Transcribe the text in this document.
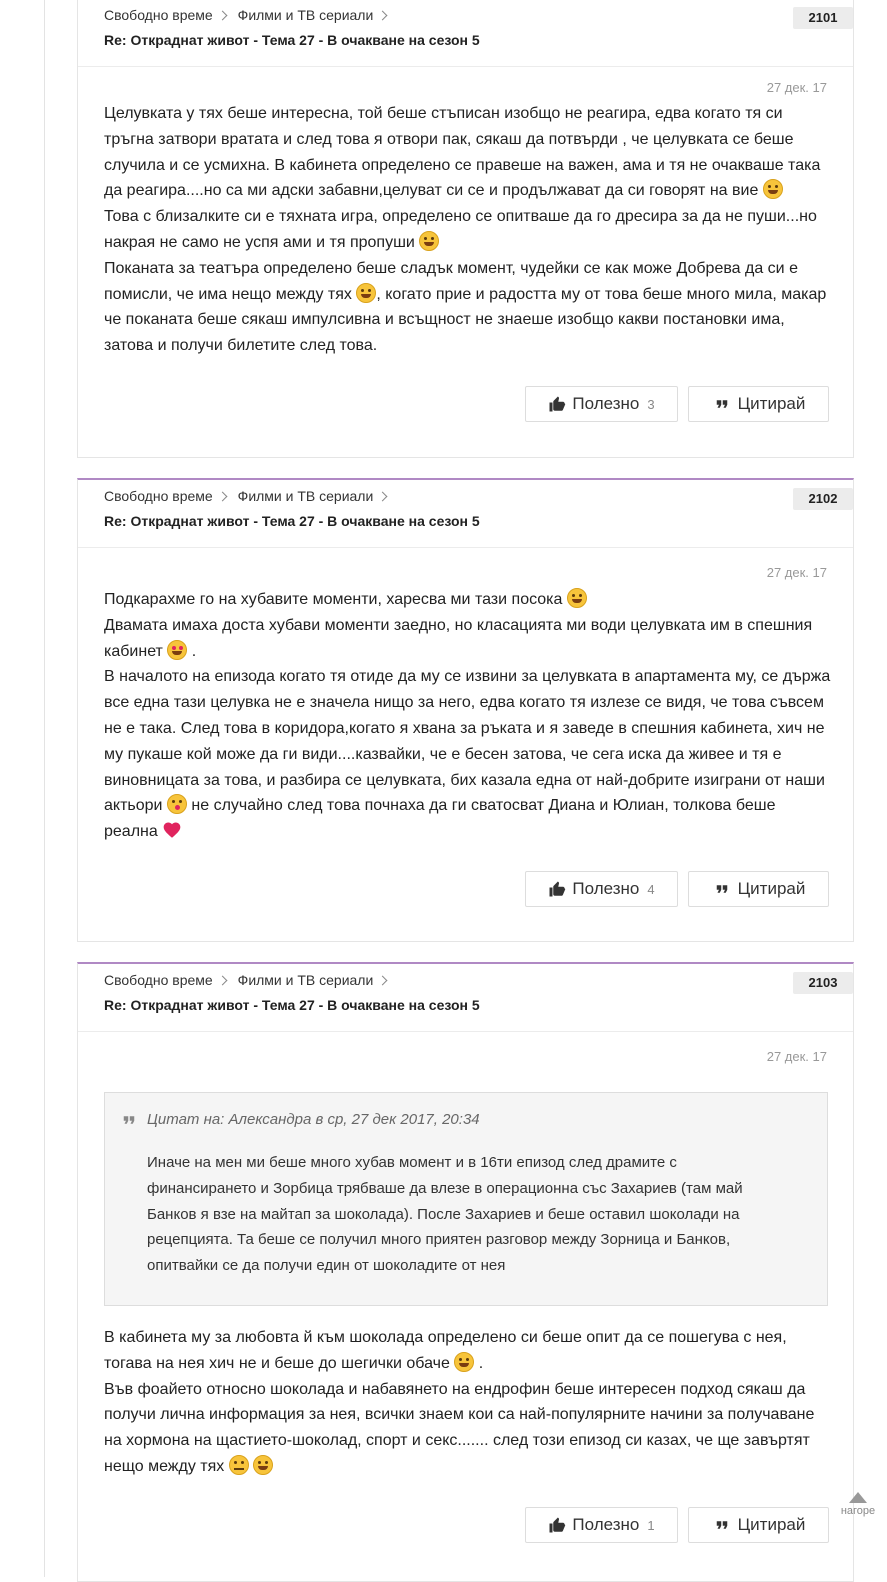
Свободно време Филми и ТВ сериали
Re: Откраднат живот - Тема 27 - В очакване на сезон 5
2101
27 дек. 17
Целувката у тях беше интересна, той беше стъписан изобщо не реагира, едва когато тя си тръгна затвори вратата и след това я отвори пак, сякаш да потвърди , че целувката се беше случила и се усмихна. В кабинета определено се правеше на важен, ама и тя не очакваше така да реагира....но са ми адски забавни,целуват си се и продължават да си говорят на вие
Това с близалките си е тяхната игра, определено се опитваше да го дресира за да не пуши...но накрая не само не успя ами и тя пропуши
Поканата за театъра определено беше сладък момент, чудейки се как може Добрева да си е помисли, че има нещо между тях , когато прие и радостта му от това беше много мила, макар че поканата беше сякаш импулсивна и всъщност не знаеше изобщо какви постановки има, затова и получи билетите след това.
Полезно 3	Цитирай
Свободно време Филми и ТВ сериали
Re: Откраднат живот - Тема 27 - В очакване на сезон 5
2102
27 дек. 17
Подкарахме го на хубавите моменти, харесва ми тази посока
Двамата имаха доста хубави моменти заедно, но класацията ми води целувката им в спешния кабинет .
В началото на епизода когато тя отиде да му се извини за целувката в апартамента му, се държа все една тази целувка не е значела нищо за него, едва когато тя излезе се видя, че това съвсем не е така. След това в коридора,когато я хвана за ръката и я заведе в спешния кабинета, хич не му пукаше кой може да ги види....казвайки, че е бесен затова, че сега иска да живее и тя е виновницата за това, и разбира се целувката, бих казала една от най-добрите изиграни от наши актьори не случайно след това почнаха да ги сватосват Диана и Юлиан, толкова беше реална
Полезно 4	Цитирай
Свободно време Филми и ТВ сериали
Re: Откраднат живот - Тема 27 - В очакване на сезон 5
2103
27 дек. 17
Цитат на: Александра в ср, 27 дек 2017, 20:34
Иначе на мен ми беше много хубав момент и в 16ти епизод след драмите с финансирането и Зорбица трябваше да влезе в операционна със Захариев (там май Банков я взе на майтап за шоколада). После Захариев и беше оставил шоколади на рецепцията. Та беше се получил много приятен разговор между Зорница и Банков, опитвайки се да получи един от шоколадите от нея
В кабинета му за любовта й към шоколада определено си беше опит да се пошегува с нея, тогава на нея хич не и беше до шегички обаче .
Във фоайето относно шоколада и набавянето на ендрофин беше интересен подход сякаш да получи лична информация за нея, всички знаем кои са най-популярните начини за получаване на хормона на щастието-шоколад, спорт и секс....... след този епизод си казах, че ще завъртят нещо между тях
Полезно 1	Цитирай
нагоре
